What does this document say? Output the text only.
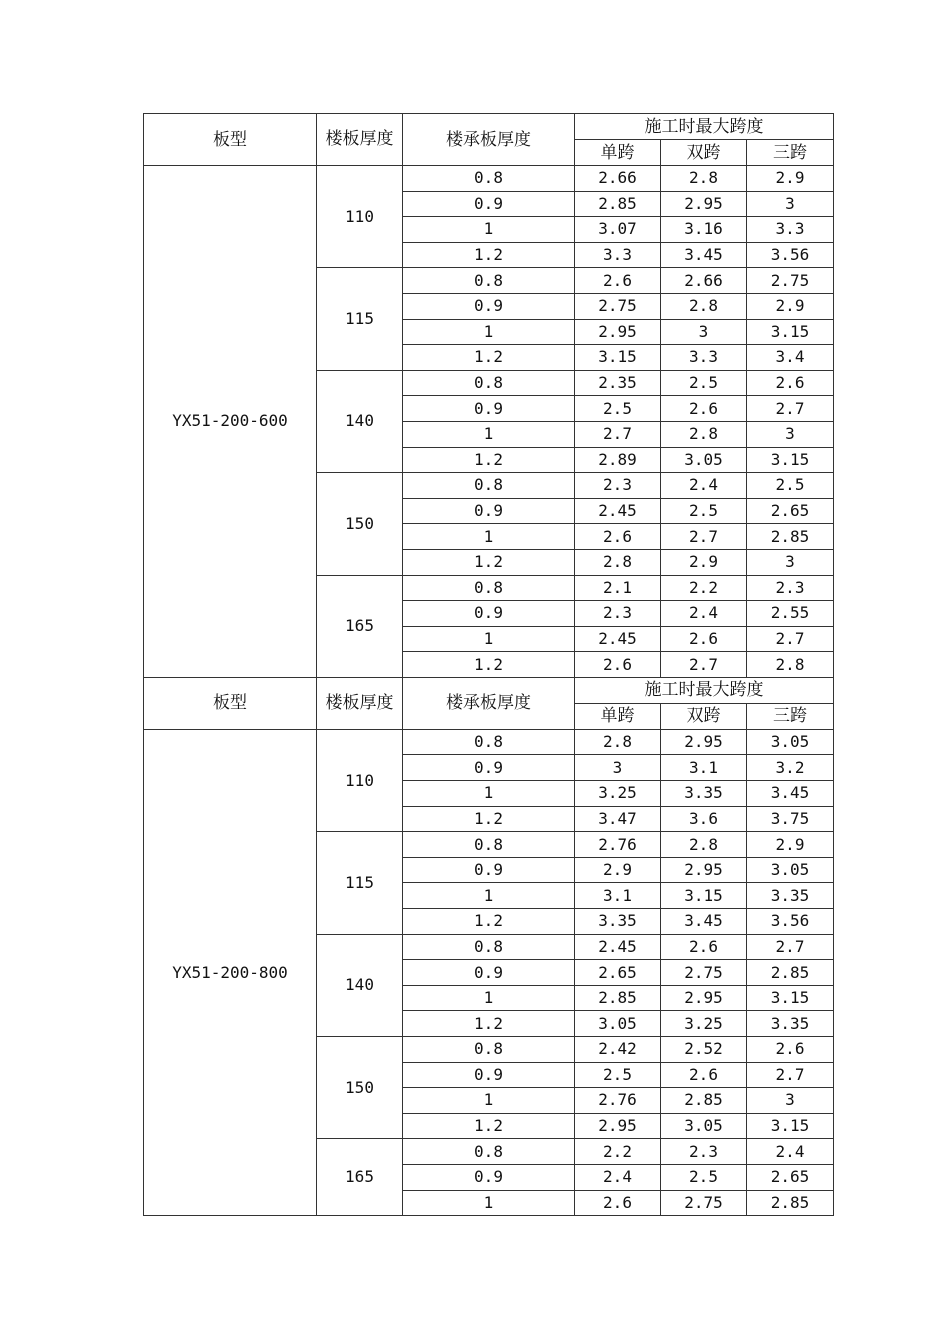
板型	楼板厚度	楼承板厚度	施工时最大跨度		
			单跨	双跨	三跨
YX51-200-600	110	0.8	2.66	2.8	2.9
		0.9	2.85	2.95	3
		1	3.07	3.16	3.3
		1.2	3.3	3.45	3.56
	115	0.8	2.6	2.66	2.75
		0.9	2.75	2.8	2.9
		1	2.95	3	3.15
		1.2	3.15	3.3	3.4
	140	0.8	2.35	2.5	2.6
		0.9	2.5	2.6	2.7
		1	2.7	2.8	3
		1.2	2.89	3.05	3.15
	150	0.8	2.3	2.4	2.5
		0.9	2.45	2.5	2.65
		1	2.6	2.7	2.85
		1.2	2.8	2.9	3
	165	0.8	2.1	2.2	2.3
		0.9	2.3	2.4	2.55
		1	2.45	2.6	2.7
		1.2	2.6	2.7	2.8
板型	楼板厚度	楼承板厚度	施工时最大跨度		
			单跨	双跨	三跨
YX51-200-800	110	0.8	2.8	2.95	3.05
		0.9	3	3.1	3.2
		1	3.25	3.35	3.45
		1.2	3.47	3.6	3.75
	115	0.8	2.76	2.8	2.9
		0.9	2.9	2.95	3.05
		1	3.1	3.15	3.35
		1.2	3.35	3.45	3.56
	140	0.8	2.45	2.6	2.7
		0.9	2.65	2.75	2.85
		1	2.85	2.95	3.15
		1.2	3.05	3.25	3.35
	150	0.8	2.42	2.52	2.6
		0.9	2.5	2.6	2.7
		1	2.76	2.85	3
		1.2	2.95	3.05	3.15
	165	0.8	2.2	2.3	2.4
		0.9	2.4	2.5	2.65
		1	2.6	2.75	2.85
